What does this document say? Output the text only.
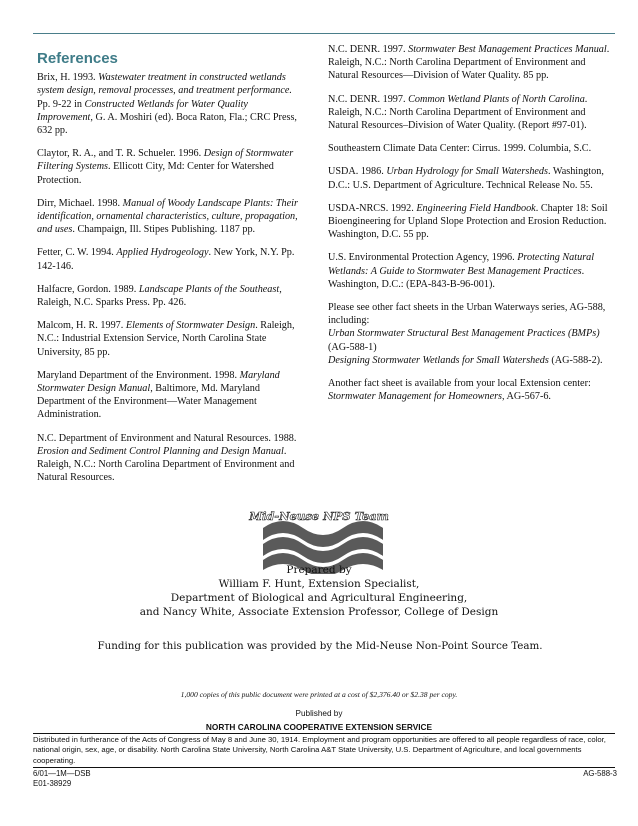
References

Brix, H. 1993. Wastewater treatment in constructed wetlands system design, removal processes, and treatment performance. Pp. 9-22 in Constructed Wetlands for Water Quality Improvement, G. A. Moshiri (ed). Boca Raton, Fla.; CRC Press, 632 pp.

Claytor, R. A., and T. R. Schueler. 1996. Design of Stormwater Filtering Systems. Ellicott City, Md: Center for Watershed Protection.

Dirr, Michael. 1998. Manual of Woody Landscape Plants: Their identification, ornamental characteristics, culture, propagation, and uses. Champaign, Ill. Stipes Publishing. 1187 pp.

Fetter, C. W. 1994. Applied Hydrogeology. New York, N.Y. Pp. 142-146.

Halfacre, Gordon. 1989. Landscape Plants of the Southeast, Raleigh, N.C. Sparks Press. Pp. 426.

Malcom, H. R. 1997. Elements of Stormwater Design. Raleigh, N.C.: Industrial Extension Service, North Carolina State University, 85 pp.

Maryland Department of the Environment. 1998. Maryland Stormwater Design Manual, Baltimore, Md. Maryland Department of the Environment—Water Management Administration.

N.C. Department of Environment and Natural Resources. 1988. Erosion and Sediment Control Planning and Design Manual. Raleigh, N.C.: North Carolina Department of Environment and Natural Resources.

N.C. DENR. 1997. Stormwater Best Management Practices Manual. Raleigh, N.C.: North Carolina Department of Environment and Natural Resources—Division of Water Quality. 85 pp.

N.C. DENR. 1997. Common Wetland Plants of North Carolina. Raleigh, N.C.: North Carolina Department of Environment and Natural Resources–Division of Water Quality. (Report #97-01).

Southeastern Climate Data Center: Cirrus. 1999. Columbia, S.C.

USDA. 1986. Urban Hydrology for Small Watersheds. Washington, D.C.: U.S. Department of Agriculture. Technical Release No. 55.

USDA-NRCS. 1992. Engineering Field Handbook. Chapter 18: Soil Bioengineering for Upland Slope Protection and Erosion Reduction. Washington, D.C. 55 pp.

U.S. Environmental Protection Agency, 1996. Protecting Natural Wetlands: A Guide to Stormwater Best Management Practices. Washington, D.C.: (EPA-843-B-96-001).

Please see other fact sheets in the Urban Waterways series, AG-588, including:
Urban Stormwater Structural Best Management Practices (BMPs) (AG-588-1)
Designing Stormwater Wetlands for Small Watersheds (AG-588-2).

Another fact sheet is available from your local Extension center:
Stormwater Management for Homeowners, AG-567-6.

Mid-Neuse NPS Team
Prepared by
William F. Hunt, Extension Specialist,
Department of Biological and Agricultural Engineering,
and Nancy White, Associate Extension Professor, College of Design
Funding for this publication was provided by the Mid-Neuse Non-Point Source Team.
1,000 copies of this public document were printed at a cost of $2,376.40 or $2.38 per copy.
Published by
NORTH CAROLINA COOPERATIVE EXTENSION SERVICE
Distributed in furtherance of the Acts of Congress of May 8 and June 30, 1914. Employment and program opportunities are offered to all people regardless of race, color, national origin, sex, age, or disability. North Carolina State University, North Carolina A&T State University, U.S. Department of Agriculture, and local governments cooperating.
6/01—1M—DSB
E01-38929
AG-588-3
